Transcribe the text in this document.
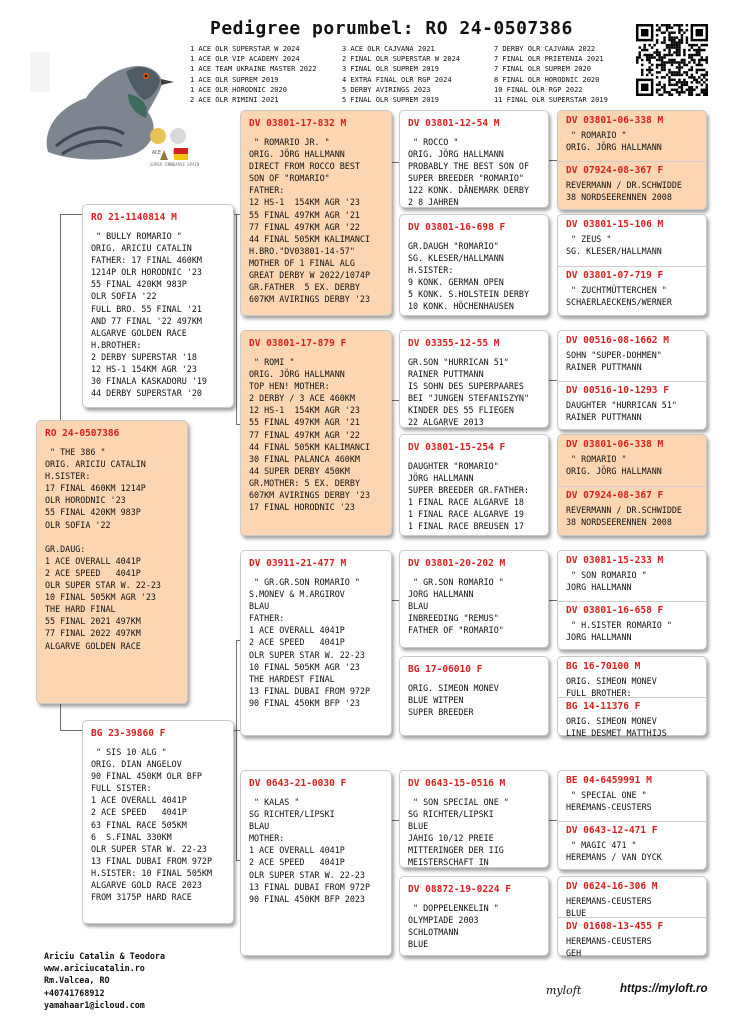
Pedigree porumbel: RO 24-0507386
1 ACE OLR SUPERSTAR W 2024
1 ACE OLR VIP ACADEMY 2024
1 ACE TEAM UKRAINE MASTER 2022
1 ACE OLR SUPREM 2019
1 ACE OLR HORODNIC 2020
2 ACE OLR RIMINI 2021
3 ACE OLR CAJVANA 2021
2 FINAL OLR SUPERSTAR W 2024
3 FINAL OLR SUPREM 2019
4 EXTRA FINAL OLR RGP 2024
5 DERBY AVIRINGS 2023
5 FINAL OLR SUPREM 2019
7 DERBY OLR CAJVANA 2022
7 FINAL OLR PRIETENIA 2021
7 FINAL OLR SUPREM 2020
8 FINAL OLR HORODNIC 2020
10 FINAL OLR RGP 2022
11 FINAL OLR SUPERSTAR 2019
ACE
SUPER STAR
ALGARVE SPAIN
RO 24-0507386
" THE 386 "
ORIG. ARICIU CATALIN
H.SISTER:
17 FINAL 460KM 1214P
OLR HORODNIC '23
55 FINAL 420KM 983P
OLR SOFIA '22

GR.DAUG:
1 ACE OVERALL 4041P
2 ACE SPEED   4041P
OLR SUPER STAR W. 22-23
10 FINAL 505KM AGR '23
THE HARD FINAL
55 FINAL 2021 497KM
77 FINAL 2022 497KM
ALGARVE GOLDEN RACE
RO 21-1140814 M
" BULLY ROMARIO "
ORIG. ARICIU CATALIN
FATHER: 17 FINAL 460KM
1214P OLR HORODNIC '23
55 FINAL 420KM 983P
OLR SOFIA '22
FULL BRO. 55 FINAL '21
AND 77 FINAL '22 497KM
ALGARVE GOLDEN RACE
H.BROTHER:
2 DERBY SUPERSTAR '18
12 HS-1 154KM AGR '23
30 FINALA KASKADORU '19
44 DERBY SUPERSTAR '20
BG 23-39860 F
" SIS 10 ALG "
ORIG. DIAN ANGELOV
90 FINAL 450KM OLR BFP
FULL SISTER:
1 ACE OVERALL 4041P
2 ACE SPEED   4041P
63 FINAL RACE 505KM
6  S.FINAL 330KM
OLR SUPER STAR W. 22-23
13 FINAL DUBAI FROM 972P
H.SISTER: 10 FINAL 505KM
ALGARVE GOLD RACE 2023
FROM 3175P HARD RACE
DV 03801-17-832 M
" ROMARIO JR. "
ORIG. JÖRG HALLMANN
DIRECT FROM ROCCO BEST
SON OF "ROMARIO"
FATHER:
12 HS-1  154KM AGR '23
55 FINAL 497KM AGR '21
77 FINAL 497KM AGR '22
44 FINAL 505KM KALIMANCI
H.BRO."DV03801-14-57"
MOTHER OF 1 FINAL ALG
GREAT DERBY W 2022/1074P
GR.FATHER  5 EX. DERBY
607KM AVIRINGS DERBY '23
DV 03801-17-879 F
" ROMI "
ORIG. JÖRG HALLMANN
TOP HEN! MOTHER:
2 DERBY / 3 ACE 460KM
12 HS-1  154KM AGR '23
55 FINAL 497KM AGR '21
77 FINAL 497KM AGR '22
44 FINAL 505KM KALIMANCI
30 FINAL PALANCA 460KM
44 SUPER DERBY 450KM
GR.MOTHER: 5 EX. DERBY
607KM AVIRINGS DERBY '23
17 FINAL HORODNIC '23
DV 03911-21-477 M
" GR.GR.SON ROMARIO "
S.MONEV & M.ARGIROV
BLAU
FATHER:
1 ACE OVERALL 4041P
2 ACE SPEED   4041P
OLR SUPER STAR W. 22-23
10 FINAL 505KM AGR '23
THE HARDEST FINAL
13 FINAL DUBAI FROM 972P
90 FINAL 450KM BFP '23
DV 0643-21-0030 F
" KALAS "
SG RICHTER/LIPSKI
BLAU
MOTHER:
1 ACE OVERALL 4041P
2 ACE SPEED   4041P
OLR SUPER STAR W. 22-23
13 FINAL DUBAI FROM 972P
90 FINAL 450KM BFP 2023
DV 03801-12-54 M
" ROCCO "
ORIG. JÖRG HALLMANN
PROBABLY THE BEST SON OF
SUPER BREEDER "ROMARIO"
122 KONK. DÄNEMARK DERBY
2 8 JAHREN
DV 03801-16-698 F
GR.DAUGH "ROMARIO"
SG. KLESER/HALLMANN
H.SISTER:
9 KONK. GERMAN OPEN
5 KONK. S.HOLSTEIN DERBY
10 KONK. HÖCHENHAUSEN
DV 03355-12-55 M
GR.SON "HURRICAN 51"
RAINER PUTTMANN
IS SOHN DES SUPERPAARES
BEI "JUNGEN STEFANISZYN"
KINDER DES 55 FLIEGEN
22 ALGARVE 2013
DV 03801-15-254 F
DAUGHTER "ROMARIO"
JÖRG HALLMANN
SUPER BREEDER GR.FATHER:
1 FINAL RACE ALGARVE 18
1 FINAL RACE ALGARVE 19
1 FINAL RACE BREUSEN 17
DV 03801-20-202 M
" GR.SON ROMARIO "
JORG HALLMANN
BLAU
INBREEDING "REMUS"
FATHER OF "ROMARIO"
BG 17-06010 F
ORIG. SIMEON MONEV
BLUE WITPEN
SUPER BREEDER
DV 0643-15-0516 M
" SON SPECIAL ONE "
SG RICHTER/LIPSKI
BLUE
JAHIG 10/12 PREIE
MITTERINGER DER IIG
MEISTERSCHAFT IN
DV 08872-19-0224 F
" DOPPELENKELIN "
OLYMPIADE 2003
SCHLOTMANN
BLUE
DV 03801-06-338 M
" ROMARIO "
ORIG. JÖRG HALLMANN
DV 07924-08-367 F
REVERMANN / DR.SCHWIDDE
38 NORDSEERENNEN 2008
DV 03801-15-106 M
" ZEUS "
SG. KLESER/HALLMANN
DV 03801-07-719 F
" ZUCHTMÜTTERCHEN "
SCHAERLAECKENS/WERNER
DV 00516-08-1662 M
SOHN "SUPER-DOHMEN"
RAINER PUTTMANN
DV 00516-10-1293 F
DAUGHTER "HURRICAN 51"
RAINER PUTTMANN
DV 03801-06-338 M
" ROMARIO "
ORIG. JÖRG HALLMANN
DV 07924-08-367 F
REVERMANN / DR.SCHWIDDE
38 NORDSEERENNEN 2008
DV 03081-15-233 M
" SON ROMARIO "
JORG HALLMANN
DV 03801-16-658 F
" H.SISTER ROMARIO "
JORG HALLMANN
BG 16-70100 M
ORIG. SIMEON MONEV
FULL BROTHER:
BG 14-11376 F
ORIG. SIMEON MONEV
LINE DESMET MATTHIJS
BE 04-6459991 M
" SPECIAL ONE "
HEREMANS-CEUSTERS
DV 0643-12-471 F
" MAGIC 471 "
HEREMANS / VAN DYCK
DV 0624-16-306 M
HEREMANS-CEUSTERS
BLUE
DV 01608-13-455 F
HEREMANS-CEUSTERS
GEH
Ariciu Catalin & Teodora
www.ariciucatalin.ro
Rm.Valcea, RO
+40741768912
yamahaar1@icloud.com
myloft	https://myloft.ro
